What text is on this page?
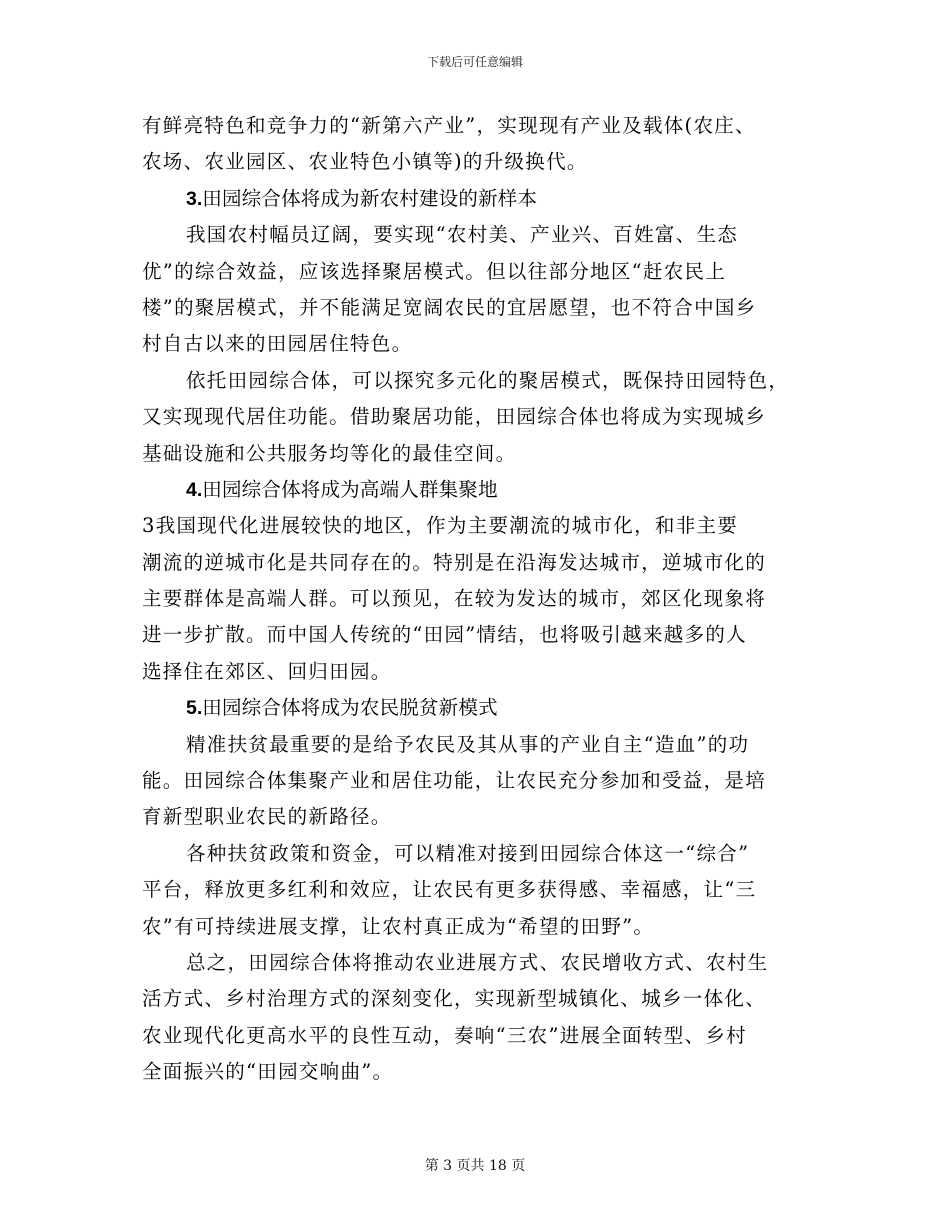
下载后可任意编辑
有鲜亮特色和竞争力的“新第六产业”，实现现有产业及载体(农庄、
农场、农业园区、农业特色小镇等)的升级换代。
3.田园综合体将成为新农村建设的新样本
我国农村幅员辽阔，要实现“农村美、产业兴、百姓富、生态
优”的综合效益，应该选择聚居模式。但以往部分地区“赶农民上
楼”的聚居模式，并不能满足宽阔农民的宜居愿望，也不符合中国乡
村自古以来的田园居住特色。
依托田园综合体，可以探究多元化的聚居模式，既保持田园特色，
又实现现代居住功能。借助聚居功能，田园综合体也将成为实现城乡
基础设施和公共服务均等化的最佳空间。
4.田园综合体将成为高端人群集聚地
3我国现代化进展较快的地区，作为主要潮流的城市化，和非主要
潮流的逆城市化是共同存在的。特别是在沿海发达城市，逆城市化的
主要群体是高端人群。可以预见，在较为发达的城市，郊区化现象将
进一步扩散。而中国人传统的“田园”情结，也将吸引越来越多的人
选择住在郊区、回归田园。
5.田园综合体将成为农民脱贫新模式
精准扶贫最重要的是给予农民及其从事的产业自主“造血”的功
能。田园综合体集聚产业和居住功能，让农民充分参加和受益，是培
育新型职业农民的新路径。
各种扶贫政策和资金，可以精准对接到田园综合体这一“综合”
平台，释放更多红利和效应，让农民有更多获得感、幸福感，让“三
农”有可持续进展支撑，让农村真正成为“希望的田野”。
总之，田园综合体将推动农业进展方式、农民增收方式、农村生
活方式、乡村治理方式的深刻变化，实现新型城镇化、城乡一体化、
农业现代化更高水平的良性互动，奏响“三农”进展全面转型、乡村
全面振兴的“田园交响曲”。
第 3 页共 18 页
